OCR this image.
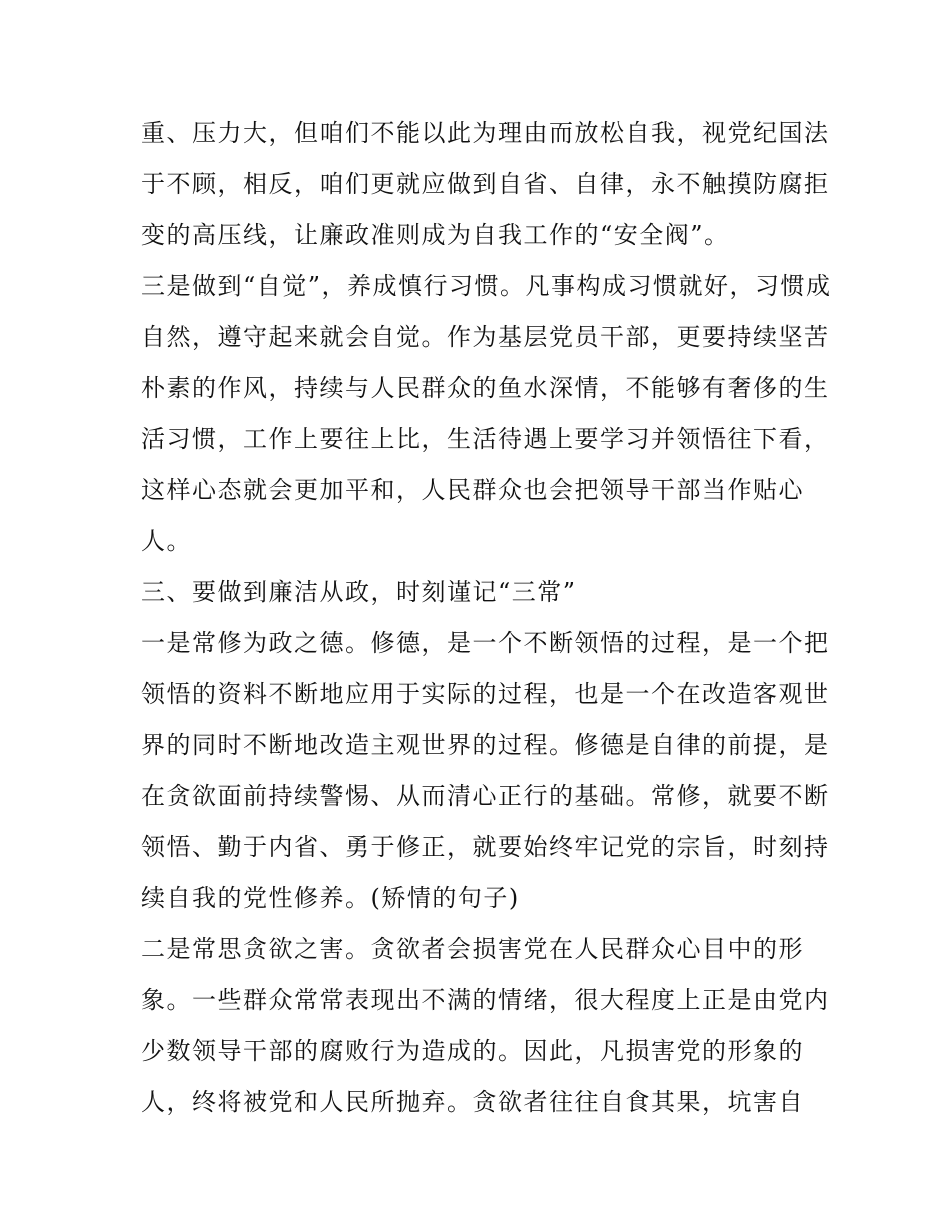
重、压力大，但咱们不能以此为理由而放松自我，视党纪国法
于不顾，相反，咱们更就应做到自省、自律，永不触摸防腐拒
变的高压线，让廉政准则成为自我工作的“安全阀”。
三是做到“自觉”，养成慎行习惯。凡事构成习惯就好，习惯成
自然，遵守起来就会自觉。作为基层党员干部，更要持续坚苦
朴素的作风，持续与人民群众的鱼水深情，不能够有奢侈的生
活习惯，工作上要往上比，生活待遇上要学习并领悟往下看，
这样心态就会更加平和，人民群众也会把领导干部当作贴心
人。
三、要做到廉洁从政，时刻谨记“三常”
一是常修为政之德。修德，是一个不断领悟的过程，是一个把
领悟的资料不断地应用于实际的过程，也是一个在改造客观世
界的同时不断地改造主观世界的过程。修德是自律的前提，是
在贪欲面前持续警惕、从而清心正行的基础。常修，就要不断
领悟、勤于内省、勇于修正，就要始终牢记党的宗旨，时刻持
续自我的党性修养。(矫情的句子)
二是常思贪欲之害。贪欲者会损害党在人民群众心目中的形
象。一些群众常常表现出不满的情绪，很大程度上正是由党内
少数领导干部的腐败行为造成的。因此，凡损害党的形象的
人，终将被党和人民所抛弃。贪欲者往往自食其果，坑害自
